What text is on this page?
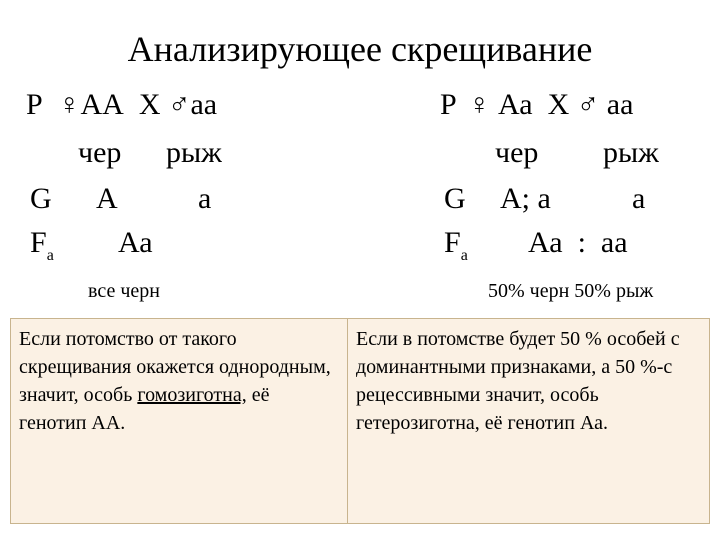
Анализирующее скрещивание
Р ♀АА  Х ♂аа
чер рыж
G А	а
$F_а$ Аа
все черн
Р ♀ Аа  Х ♂ аа
чер рыж
G А; а	а
$F_а$ Аа  :  аа
50% черн 50% рыж
Если потомство от такого скрещивания окажется однородным, значит, особь гомозиготна, её генотип АА.
Если в потомстве будет 50 % особей с доминантными признаками, а 50 %-с рецессивными значит, особь гетерозиготна, её генотип Аа.
